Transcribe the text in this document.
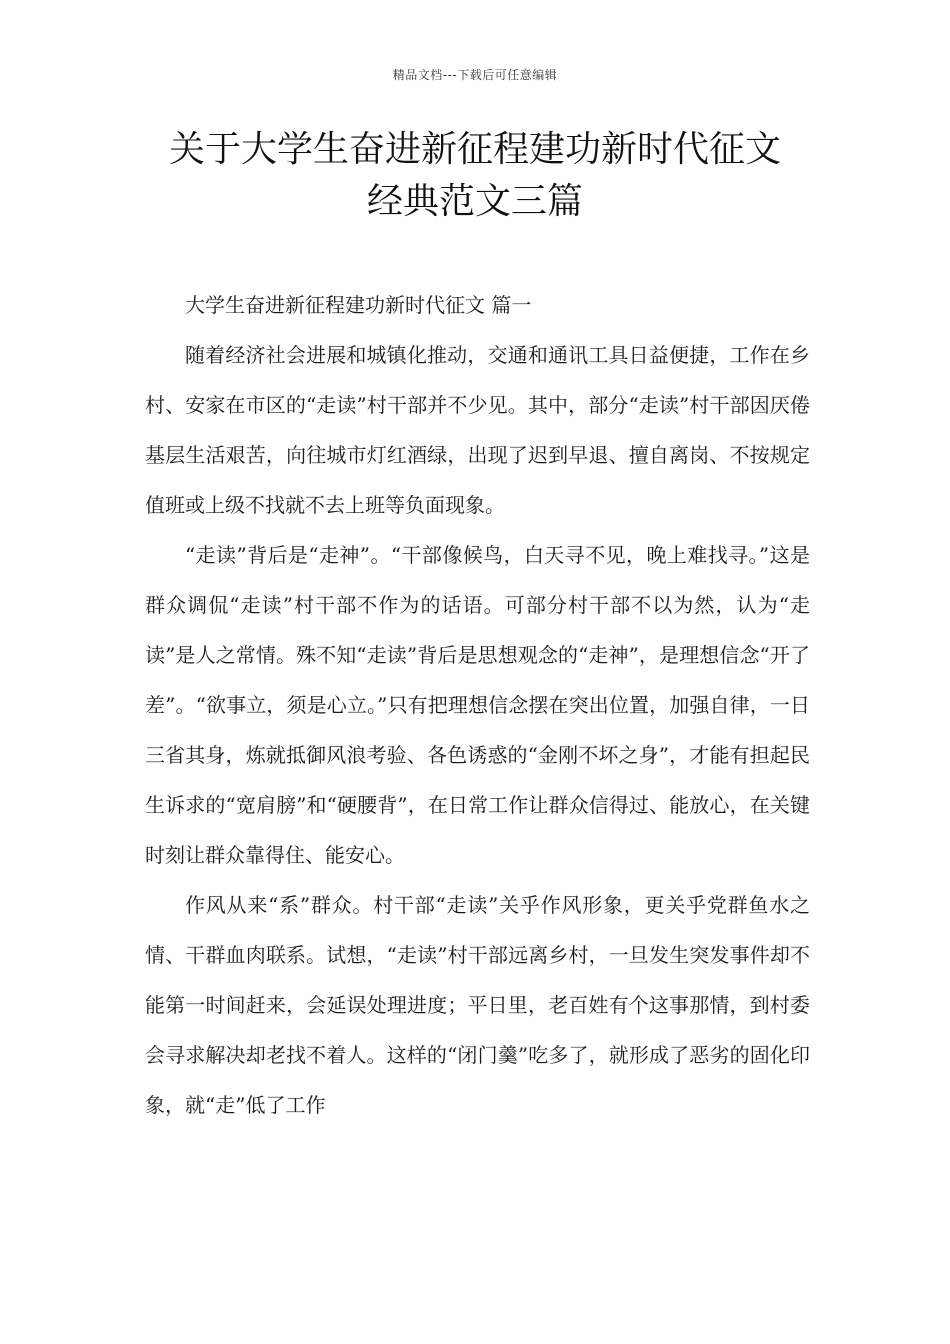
精品文档---下载后可任意编辑
关于大学生奋进新征程建功新时代征文
经典范文三篇

大学生奋进新征程建功新时代征文 篇一

随着经济社会进展和城镇化推动，交通和通讯工具日益便捷，工作在乡村、安家在市区的“走读”村干部并不少见。其中，部分“走读”村干部因厌倦基层生活艰苦，向往城市灯红酒绿，出现了迟到早退、擅自离岗、不按规定值班或上级不找就不去上班等负面现象。

“走读”背后是“走神”。“干部像候鸟，白天寻不见，晚上难找寻。”这是群众调侃“走读”村干部不作为的话语。可部分村干部不以为然，认为“走读”是人之常情。殊不知“走读”背后是思想观念的“走神”，是理想信念“开了差”。“欲事立，须是心立。”只有把理想信念摆在突出位置，加强自律，一日三省其身，炼就抵御风浪考验、各色诱惑的“金刚不坏之身”，才能有担起民生诉求的“宽肩膀”和“硬腰背”，在日常工作让群众信得过、能放心，在关键时刻让群众靠得住、能安心。

作风从来“系”群众。村干部“走读”关乎作风形象，更关乎党群鱼水之情、干群血肉联系。试想，“走读”村干部远离乡村，一旦发生突发事件却不能第一时间赶来，会延误处理进度；平日里，老百姓有个这事那情，到村委会寻求解决却老找不着人。这样的“闭门羹”吃多了，就形成了恶劣的固化印象，就“走”低了工作
